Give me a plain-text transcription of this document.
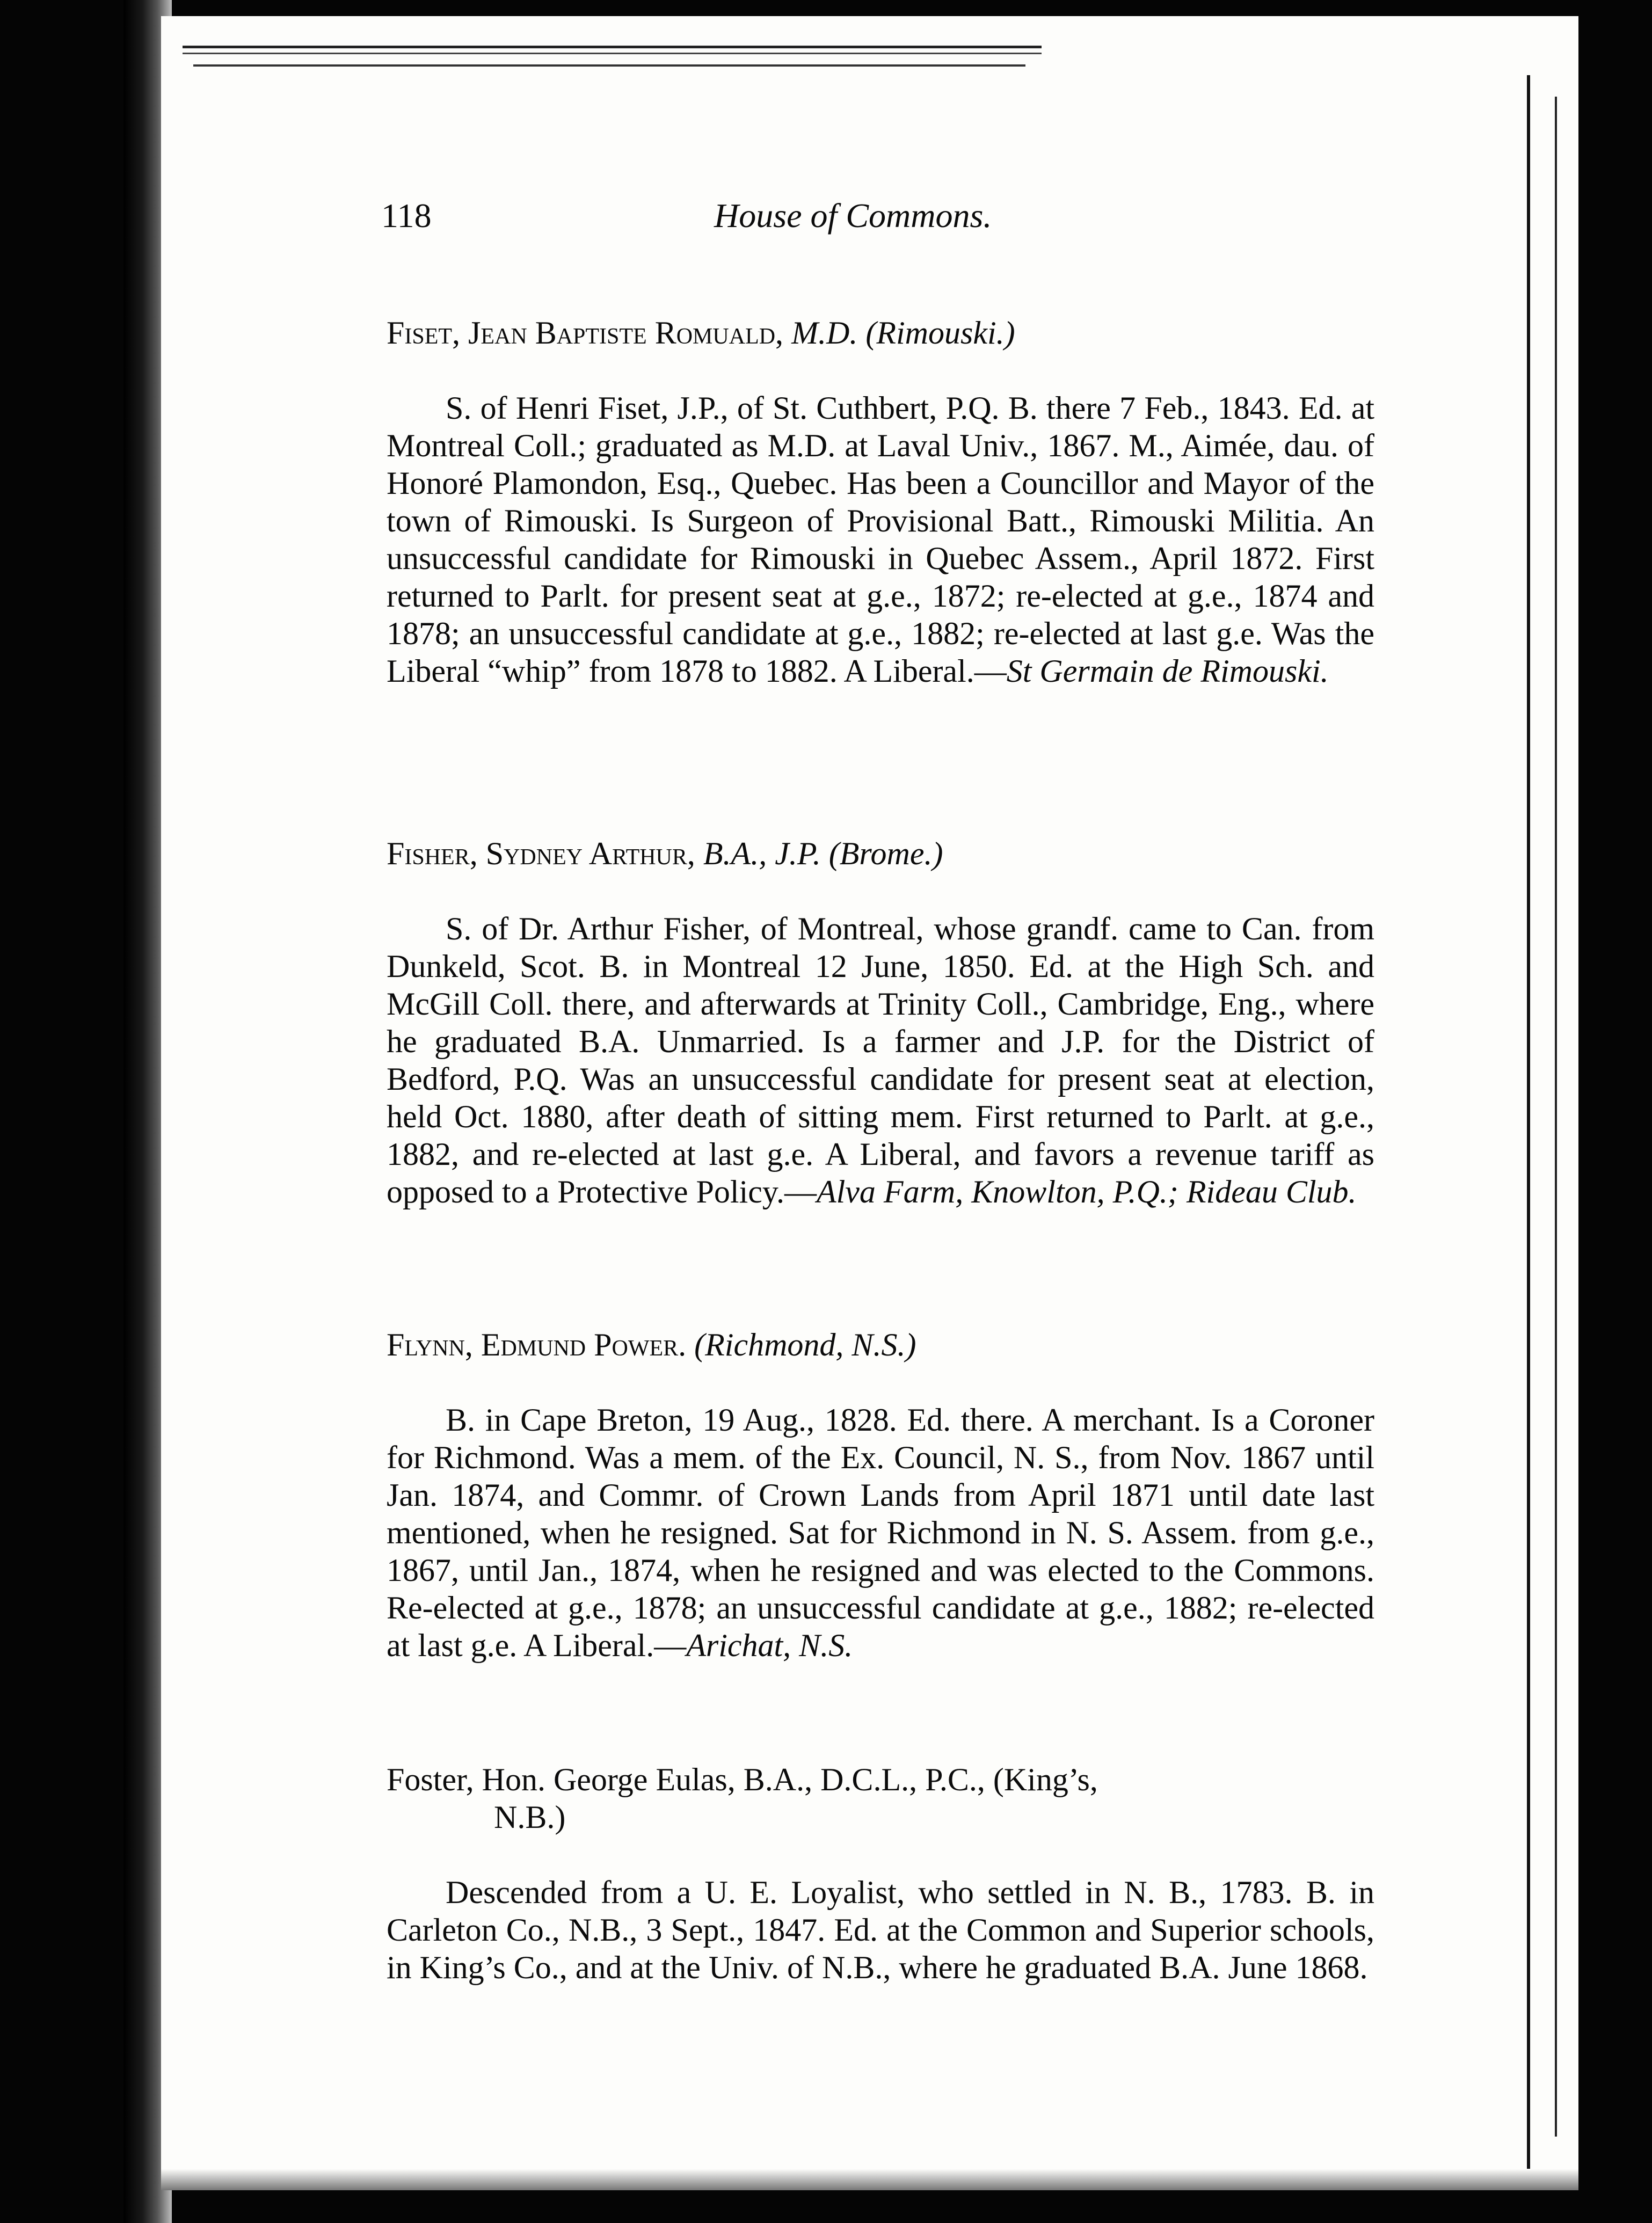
118	House of Commons.

Fiset, Jean Baptiste Romuald, M.D. (Rimouski.)

S. of Henri Fiset, J.P., of St. Cuthbert, P.Q. B. there 7 Feb., 1843. Ed. at Montreal Coll.; graduated as M.D. at Laval Univ., 1867. M., Aimée, dau. of Honoré Plamondon, Esq., Quebec. Has been a Councillor and Mayor of the town of Rimouski. Is Surgeon of Provisional Batt., Rimouski Militia. An unsuccessful candidate for Rimouski in Quebec Assem., April 1872. First returned to Parlt. for present seat at g.e., 1872; re-elected at g.e., 1874 and 1878; an unsuccessful candidate at g.e., 1882; re-elected at last g.e. Was the Liberal “whip” from 1878 to 1882. A Liberal.—St Germain de Rimouski.

Fisher, Sydney Arthur, B.A., J.P. (Brome.)

S. of Dr. Arthur Fisher, of Montreal, whose grandf. came to Can. from Dunkeld, Scot. B. in Montreal 12 June, 1850. Ed. at the High Sch. and McGill Coll. there, and afterwards at Trinity Coll., Cambridge, Eng., where he graduated B.A. Unmarried. Is a farmer and J.P. for the District of Bedford, P.Q. Was an unsuccessful candidate for present seat at election, held Oct. 1880, after death of sitting mem. First returned to Parlt. at g.e., 1882, and re-elected at last g.e. A Liberal, and favors a revenue tariff as opposed to a Protective Policy.—Alva Farm, Knowlton, P.Q.; Rideau Club.

Flynn, Edmund Power. (Richmond, N.S.)

B. in Cape Breton, 19 Aug., 1828. Ed. there. A merchant. Is a Coroner for Richmond. Was a mem. of the Ex. Council, N. S., from Nov. 1867 until Jan. 1874, and Commr. of Crown Lands from April 1871 until date last mentioned, when he resigned. Sat for Richmond in N. S. Assem. from g.e., 1867, until Jan., 1874, when he resigned and was elected to the Commons. Re-elected at g.e., 1878; an unsuccessful candidate at g.e., 1882; re-elected at last g.e. A Liberal.—Arichat, N.S.

Foster, Hon. George Eulas, B.A., D.C.L., P.C., (King’s,
N.B.)

Descended from a U. E. Loyalist, who settled in N. B., 1783. B. in Carleton Co., N.B., 3 Sept., 1847. Ed. at the Common and Superior schools, in King’s Co., and at the Univ. of N.B., where he graduated B.A. June 1868.
